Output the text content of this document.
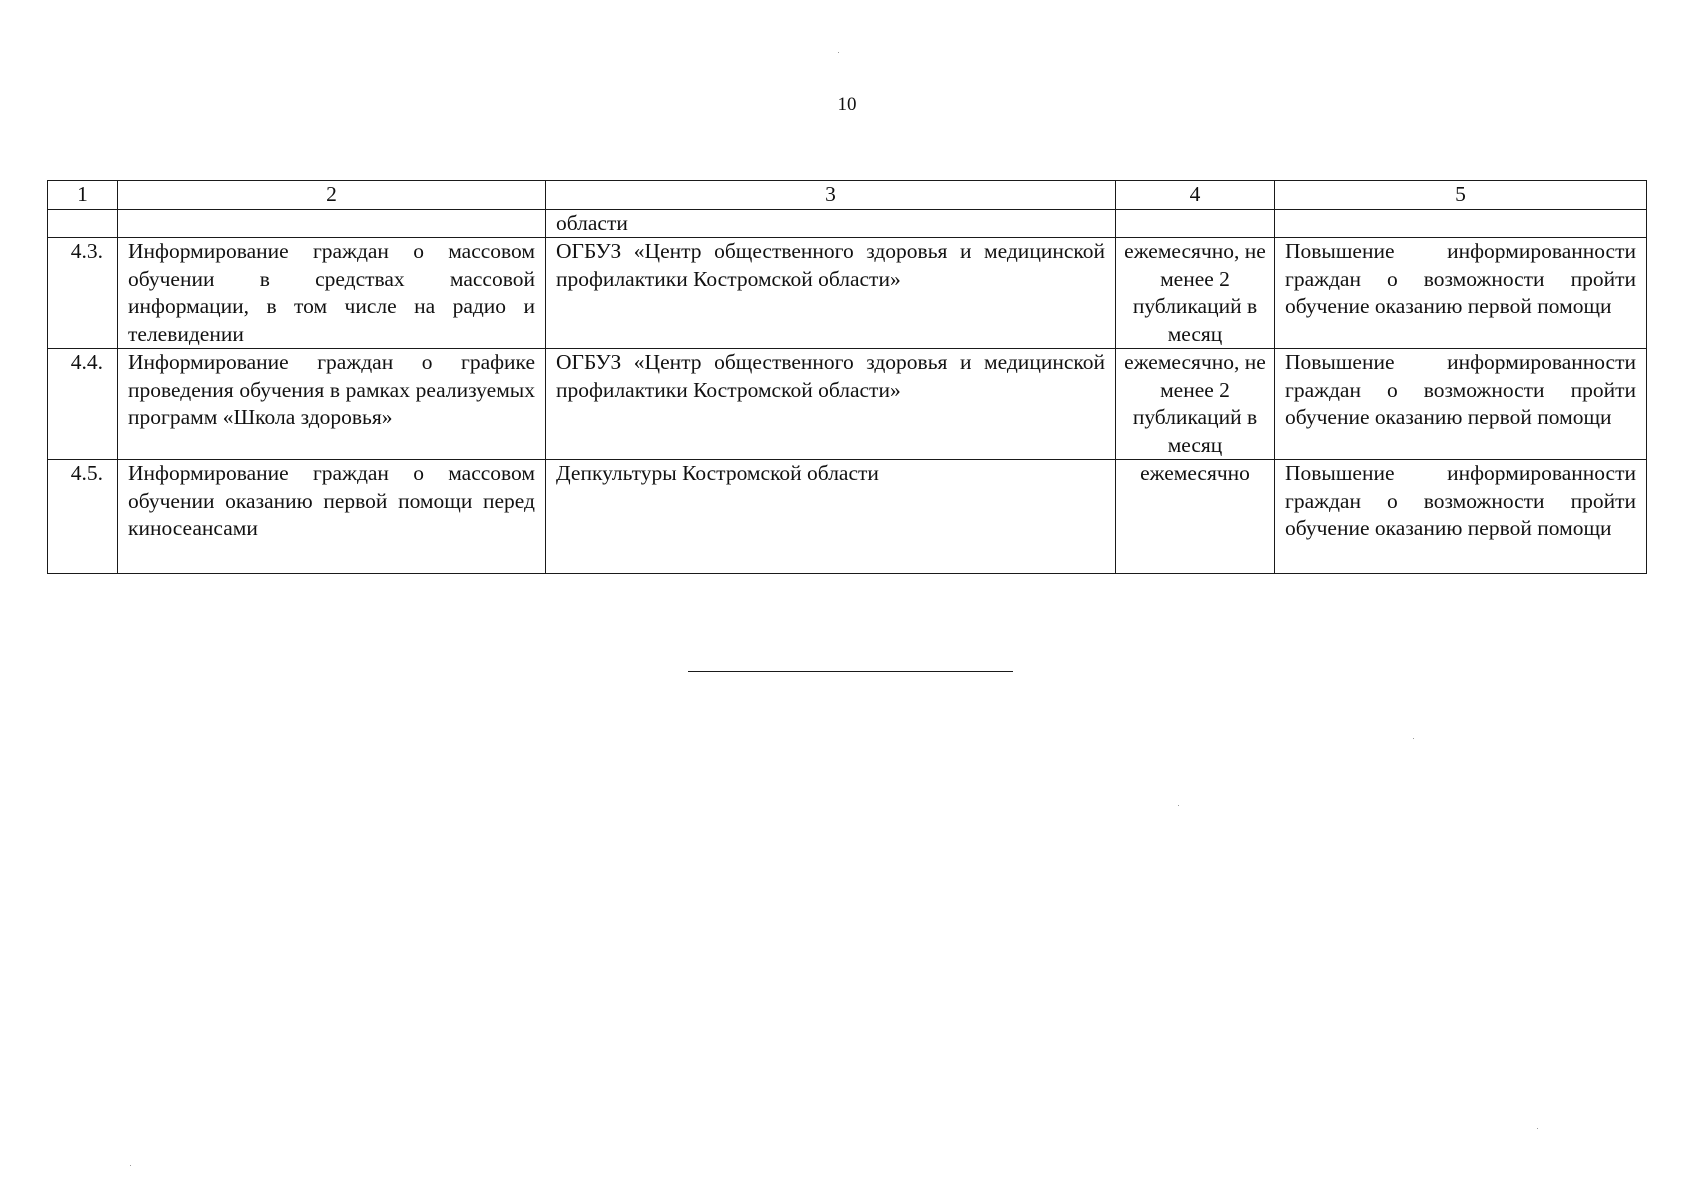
10
1	2	3	4	5
		области		
4.3.	Информирование граждан о массовом обучении в средствах массовой информации, в том числе на радио и телевидении	ОГБУЗ «Центр общественного здоровья и медицинской профилактики Костромской области»	ежемесячно, не менее 2 публикаций в месяц	Повышение информированности граждан о возможности пройти обучение оказанию первой помощи
4.4.	Информирование граждан о графике проведения обучения в рамках реализуемых программ «Школа здоровья»	ОГБУЗ «Центр общественного здоровья и медицинской профилактики Костромской области»	ежемесячно, не менее 2 публикаций в месяц	Повышение информированности граждан о возможности пройти обучение оказанию первой помощи
4.5.	Информирование граждан о массовом обучении оказанию первой помощи перед киносеансами	Депкультуры Костромской области	ежемесячно	Повышение информированности граждан о возможности пройти обучение оказанию первой помощи
